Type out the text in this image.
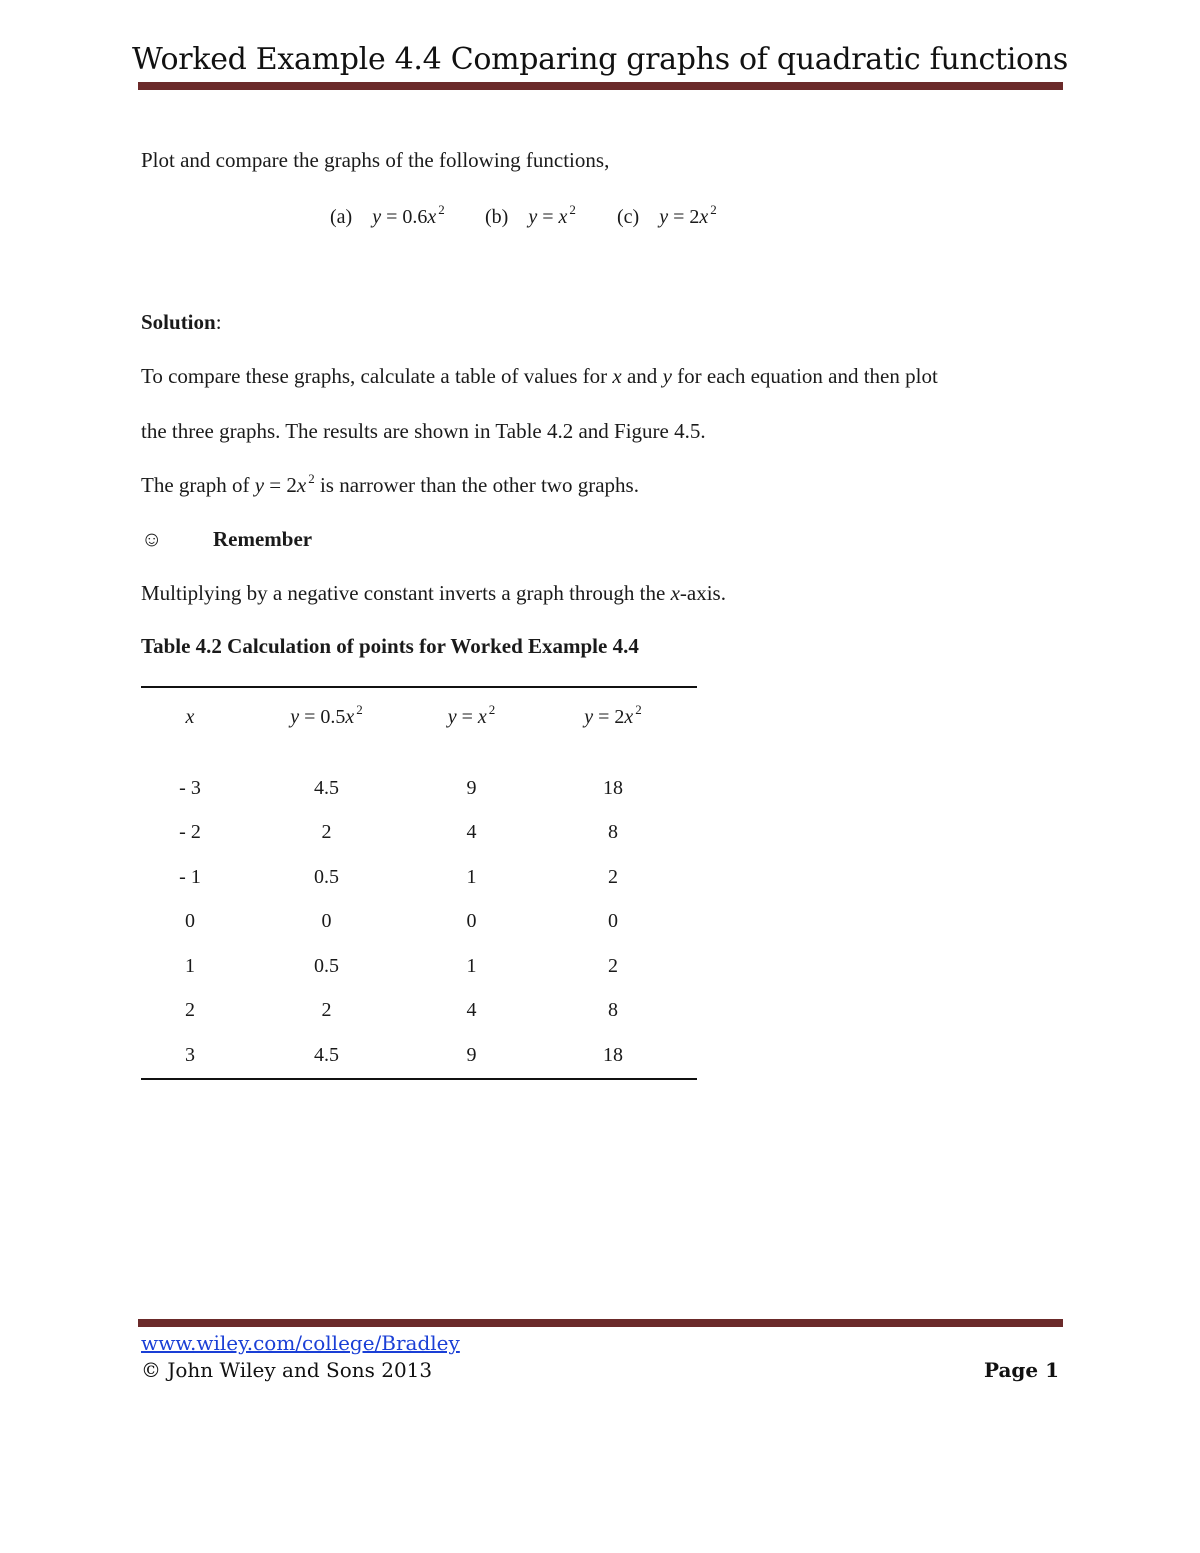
Worked Example 4.4 Comparing graphs of quadratic functions
Plot and compare the graphs of the following functions,
(a) y = 0.6x $^2$ (b) y = x $^2$ (c) y = 2x $^2$
Solution:
To compare these graphs, calculate a table of values for x and y for each equation and then plot
the three graphs. The results are shown in Table 4.2 and Figure 4.5.
The graph of y = 2x $^2$ is narrower than the other two graphs.
☺ Remember
Multiplying by a negative constant inverts a graph through the x-axis.
Table 4.2 Calculation of points for Worked Example 4.4
x	y = 0.5x $^2$	y = x $^2$	y = 2x $^2$

- 3	4.5	9	18
- 2	2	4	8
- 1	0.5	1	2
0	0	0	0
1	0.5	1	2
2	2	4	8
3	4.5	9	18
www.wiley.com/college/Bradley
© John Wiley and Sons 2013	Page 1
